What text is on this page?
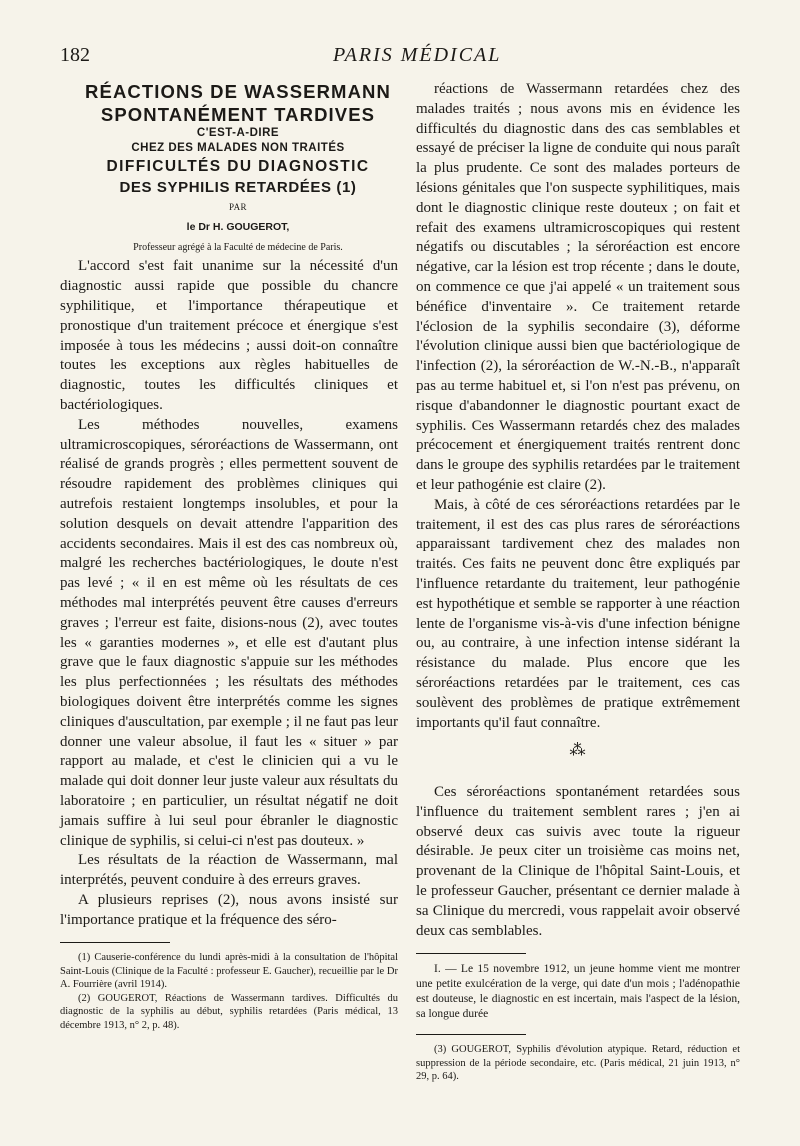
182	PARIS MÉDICAL

RÉACTIONS DE WASSERMANN

SPONTANÉMENT TARDIVES

C'EST-A-DIRE

CHEZ DES MALADES NON TRAITÉS

DIFFICULTÉS DU DIAGNOSTIC

DES SYPHILIS RETARDÉES (1)

PAR

le Dr H. GOUGEROT,

Professeur agrégé à la Faculté de médecine de Paris.

L'accord s'est fait unanime sur la nécessité d'un diagnostic aussi rapide que possible du chancre syphilitique, et l'importance thérapeutique et pronostique d'un traitement précoce et énergique s'est imposée à tous les médecins ; aussi doit-on connaître toutes les exceptions aux règles habituelles de diagnostic, toutes les difficultés cliniques et bactériologiques.

Les méthodes nouvelles, examens ultramicroscopiques, séroréactions de Wassermann, ont réalisé de grands progrès ; elles permettent souvent de résoudre rapidement des problèmes cliniques qui autrefois restaient longtemps insolubles, et pour la solution desquels on devait attendre l'apparition des accidents secondaires. Mais il est des cas nombreux où, malgré les recherches bactériologiques, le doute n'est pas levé ; « il en est même où les résultats de ces méthodes mal interprétés peuvent être causes d'erreurs graves ; l'erreur est faite, disions-nous (2), avec toutes les « garanties modernes », et elle est d'autant plus grave que le faux diagnostic s'appuie sur les méthodes les plus perfectionnées ; les résultats des méthodes biologiques doivent être interprétés comme les signes cliniques d'auscultation, par exemple ; il ne faut pas leur donner une valeur absolue, il faut les « situer » par rapport au malade, et c'est le clinicien qui a vu le malade qui doit donner leur juste valeur aux résultats du laboratoire ; en particulier, un résultat négatif ne doit jamais suffire à lui seul pour ébranler le diagnostic clinique de syphilis, si celui-ci n'est pas douteux. »

Les résultats de la réaction de Wassermann, mal interprétés, peuvent conduire à des erreurs graves.

A plusieurs reprises (2), nous avons insisté sur l'importance pratique et la fréquence des séro-

(1) Causerie-conférence du lundi après-midi à la consultation de l'hôpital Saint-Louis (Clinique de la Faculté : professeur E. Gaucher), recueillie par le Dr A. Fourrière (avril 1914).

(2) GOUGEROT, Réactions de Wassermann tardives. Difficultés du diagnostic de la syphilis au début, syphilis retardées (Paris médical, 13 décembre 1913, n° 2, p. 48).

réactions de Wassermann retardées chez des malades traités ; nous avons mis en évidence les difficultés du diagnostic dans des cas semblables et essayé de préciser la ligne de conduite qui nous paraît la plus prudente. Ce sont des malades porteurs de lésions génitales que l'on suspecte syphilitiques, mais dont le diagnostic clinique reste douteux ; on fait et refait des examens ultramicroscopiques qui restent négatifs ou discutables ; la séroréaction est encore négative, car la lésion est trop récente ; dans le doute, on commence ce que j'ai appelé « un traitement sous bénéfice d'inventaire ». Ce traitement retarde l'éclosion de la syphilis secondaire (3), déforme l'évolution clinique aussi bien que bactériologique de l'infection (2), la séroréaction de W.-N.-B., n'apparaît pas au terme habituel et, si l'on n'est pas prévenu, on risque d'abandonner le diagnostic pourtant exact de syphilis. Ces Wassermann retardés chez des malades précocement et énergiquement traités rentrent donc dans le groupe des syphilis retardées par le traitement et leur pathogénie est claire (2).

Mais, à côté de ces séroréactions retardées par le traitement, il est des cas plus rares de séroréactions apparaissant tardivement chez des malades non traités. Ces faits ne peuvent donc être expliqués par l'influence retardante du traitement, leur pathogénie est hypothétique et semble se rapporter à une réaction lente de l'organisme vis-à-vis d'une infection bénigne ou, au contraire, à une infection intense sidérant la résistance du malade. Plus encore que les séroréactions retardées par le traitement, ces cas soulèvent des problèmes de pratique extrêmement importants qu'il faut connaître.

⁂

Ces séroréactions spontanément retardées sous l'influence du traitement semblent rares ; j'en ai observé deux cas suivis avec toute la rigueur désirable. Je peux citer un troisième cas moins net, provenant de la Clinique de l'hôpital Saint-Louis, et le professeur Gaucher, présentant ce dernier malade à sa Clinique du mercredi, vous rappelait avoir observé deux cas semblables.

I. — Le 15 novembre 1912, un jeune homme vient me montrer une petite exulcération de la verge, qui date d'un mois ; l'adénopathie est douteuse, le diagnostic en est incertain, mais l'aspect de la lésion, sa longue durée

(3) GOUGEROT, Syphilis d'évolution atypique. Retard, réduction et suppression de la période secondaire, etc. (Paris médical, 21 juin 1913, n° 29, p. 64).
